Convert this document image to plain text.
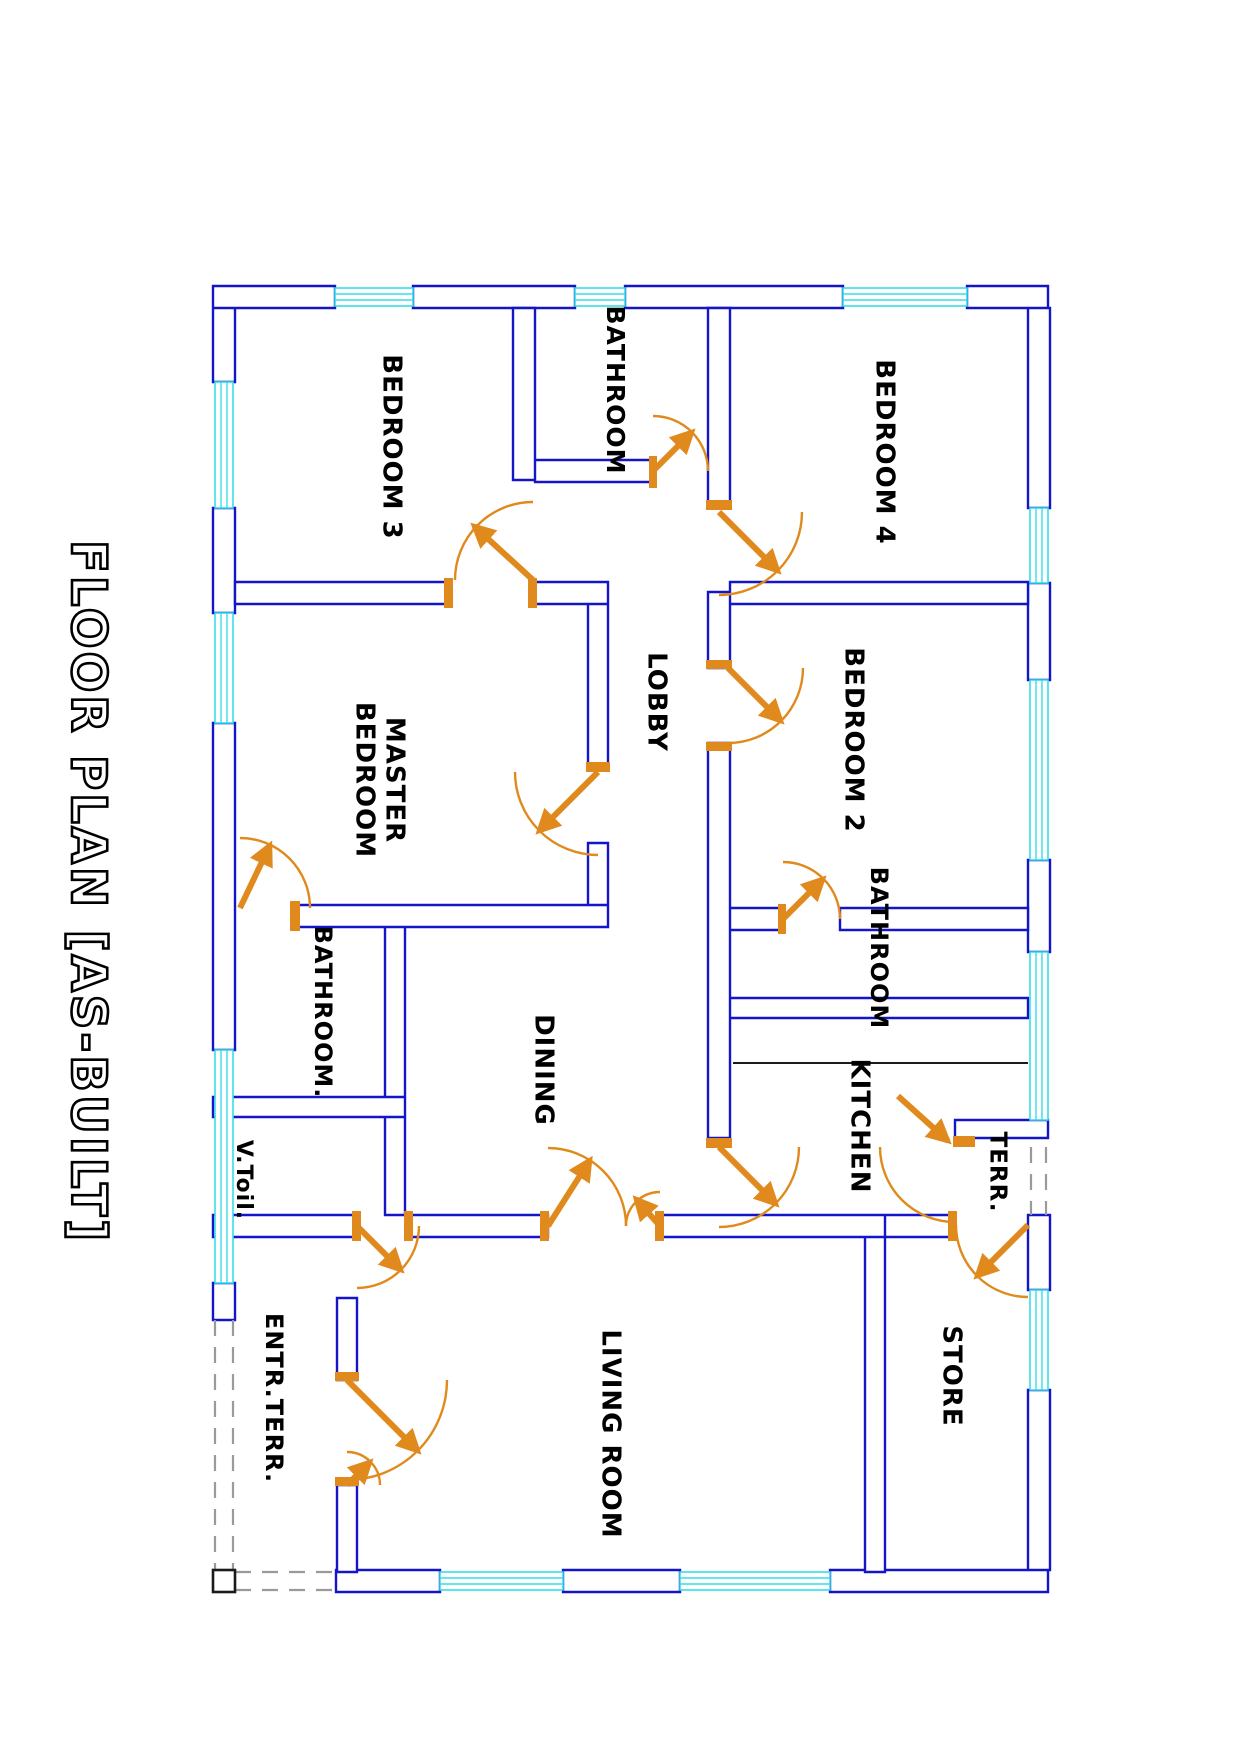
BEDROOM 3	BATHROOM	BEDROOM 4
MASTER
BEDROOM	LOBBY	BEDROOM 2
BATHROOM
BATHROOM.	DINING	KITCHEN	TERR.
V.Toil.
ENTR.TERR.	LIVING ROOM	STORE
FLOOR PLAN [AS-BUILT]
